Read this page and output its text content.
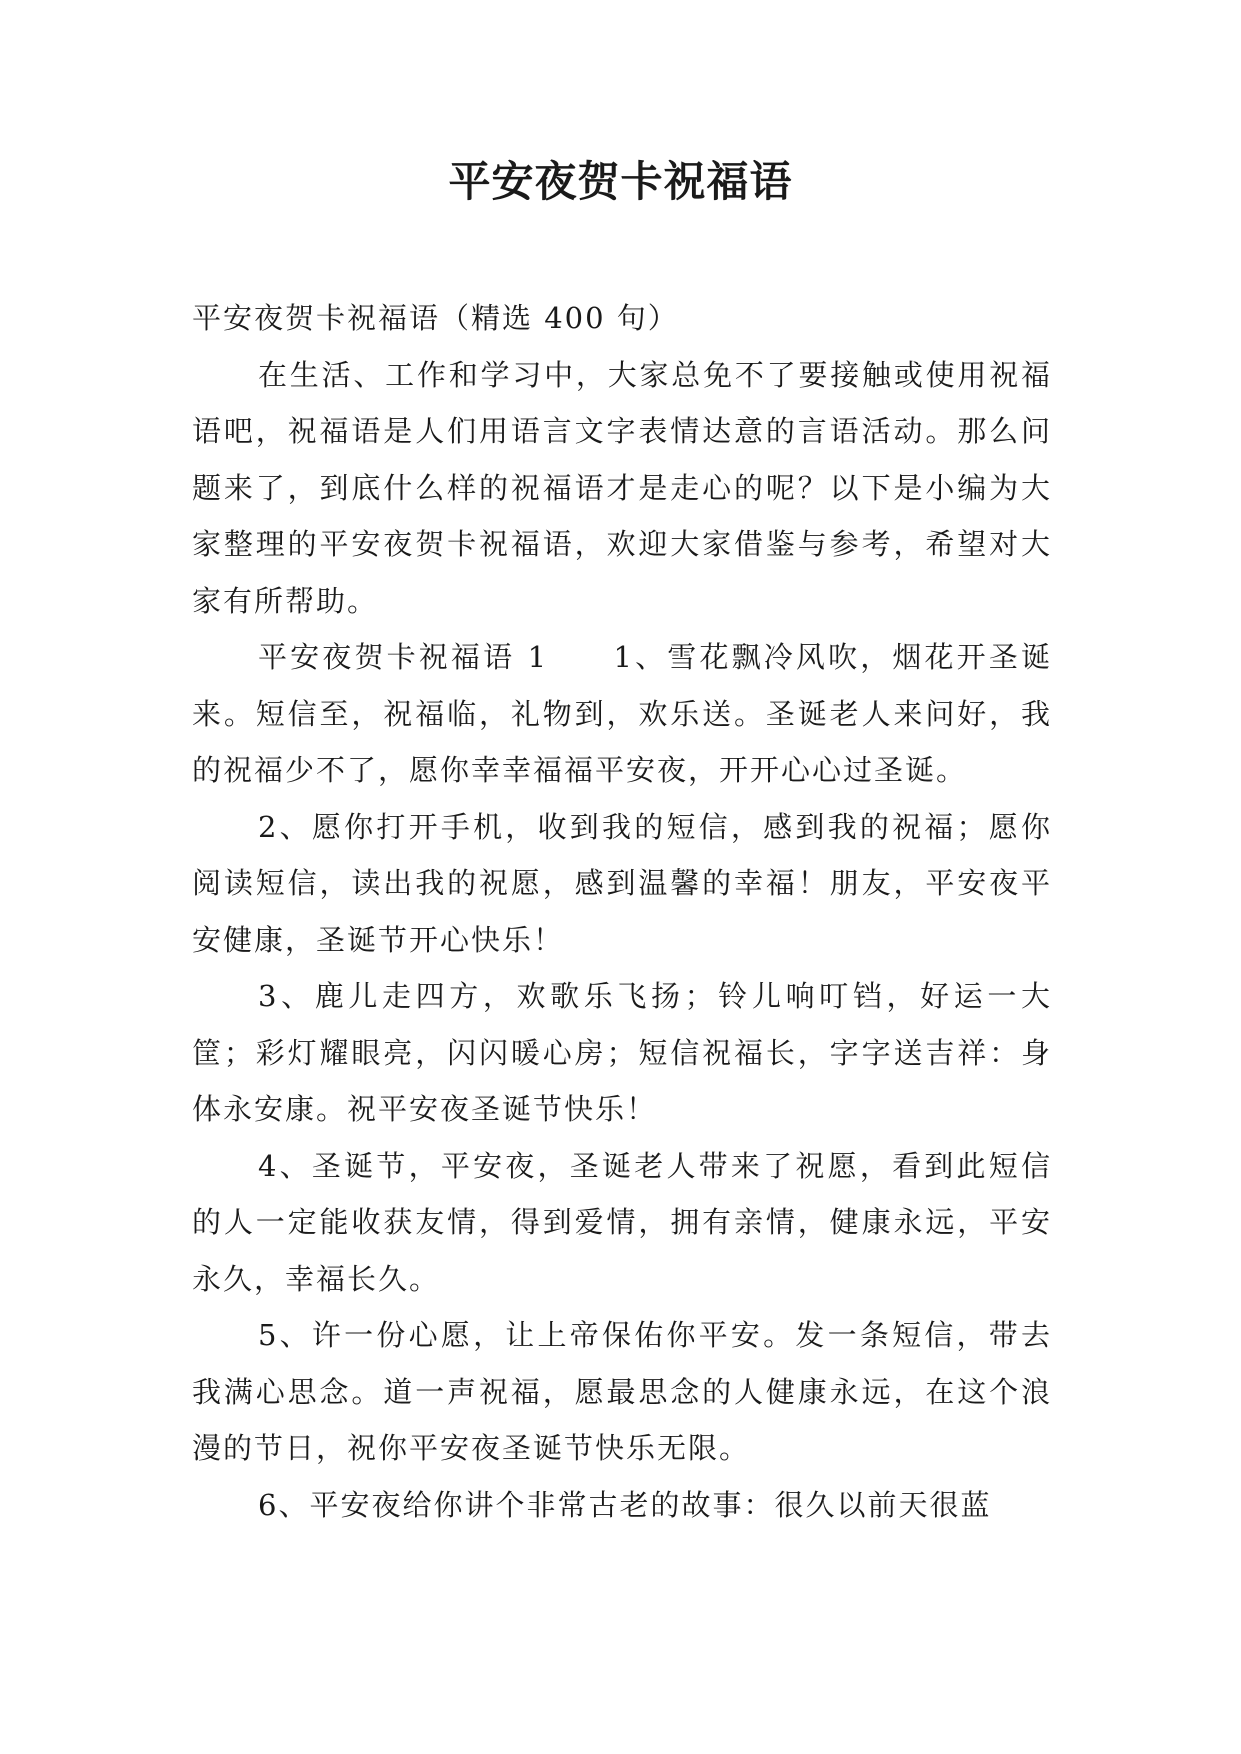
平安夜贺卡祝福语

平安夜贺卡祝福语（精选 400 句）

在生活、工作和学习中，大家总免不了要接触或使用祝福语吧，祝福语是人们用语言文字表情达意的言语活动。那么问题来了，到底什么样的祝福语才是走心的呢？以下是小编为大家整理的平安夜贺卡祝福语，欢迎大家借鉴与参考，希望对大家有所帮助。

平安夜贺卡祝福语 1　　1、雪花飘冷风吹，烟花开圣诞来。短信至，祝福临，礼物到，欢乐送。圣诞老人来问好，我的祝福少不了，愿你幸幸福福平安夜，开开心心过圣诞。

2、愿你打开手机，收到我的短信，感到我的祝福；愿你阅读短信，读出我的祝愿，感到温馨的幸福！朋友，平安夜平安健康，圣诞节开心快乐！

3、鹿儿走四方，欢歌乐飞扬；铃儿响叮铛，好运一大筐；彩灯耀眼亮，闪闪暖心房；短信祝福长，字字送吉祥：身体永安康。祝平安夜圣诞节快乐！

4、圣诞节，平安夜，圣诞老人带来了祝愿，看到此短信的人一定能收获友情，得到爱情，拥有亲情，健康永远，平安永久，幸福长久。

5、许一份心愿，让上帝保佑你平安。发一条短信，带去我满心思念。道一声祝福，愿最思念的人健康永远，在这个浪漫的节日，祝你平安夜圣诞节快乐无限。

6、平安夜给你讲个非常古老的故事：很久以前天很蓝
